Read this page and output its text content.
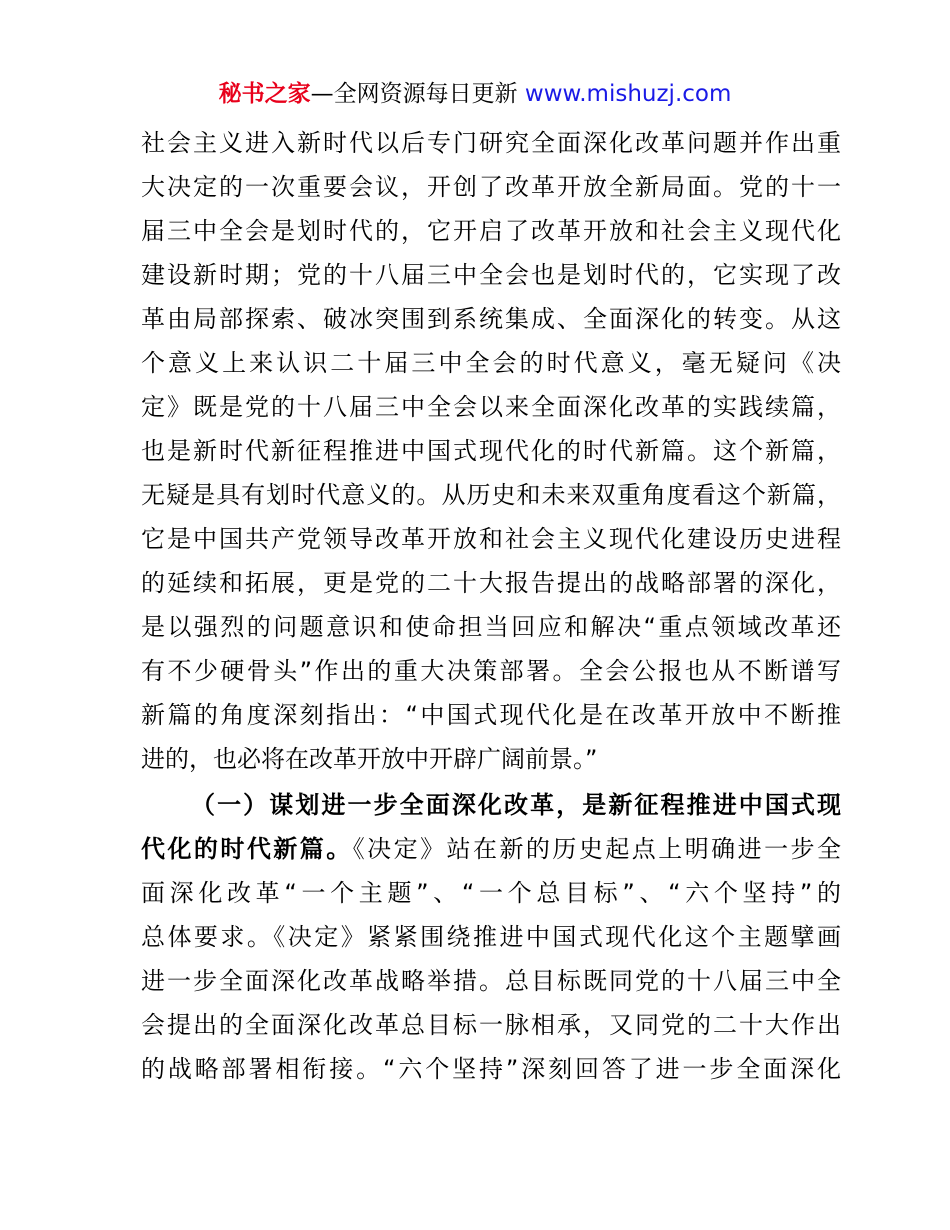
秘书之家—全网资源每日更新 www.mishuzj.com
社会主义进入新时代以后专门研究全面深化改革问题并作出重
大决定的一次重要会议，开创了改革开放全新局面。党的十一
届三中全会是划时代的，它开启了改革开放和社会主义现代化
建设新时期；党的十八届三中全会也是划时代的，它实现了改
革由局部探索、破冰突围到系统集成、全面深化的转变。从这
个意义上来认识二十届三中全会的时代意义，毫无疑问《决
定》既是党的十八届三中全会以来全面深化改革的实践续篇，
也是新时代新征程推进中国式现代化的时代新篇。这个新篇，
无疑是具有划时代意义的。从历史和未来双重角度看这个新篇，
它是中国共产党领导改革开放和社会主义现代化建设历史进程
的延续和拓展，更是党的二十大报告提出的战略部署的深化，
是以强烈的问题意识和使命担当回应和解决“重点领域改革还
有不少硬骨头”作出的重大决策部署。全会公报也从不断谱写
新篇的角度深刻指出：“中国式现代化是在改革开放中不断推
进的，也必将在改革开放中开辟广阔前景。”
（一）谋划进一步全面深化改革，是新征程推进中国式现
代化的时代新篇。《决定》站在新的历史起点上明确进一步全
面深化改革“一个主题”、“一个总目标”、“六个坚持”的
总体要求。《决定》紧紧围绕推进中国式现代化这个主题擘画
进一步全面深化改革战略举措。总目标既同党的十八届三中全
会提出的全面深化改革总目标一脉相承，又同党的二十大作出
的战略部署相衔接。“六个坚持”深刻回答了进一步全面深化
